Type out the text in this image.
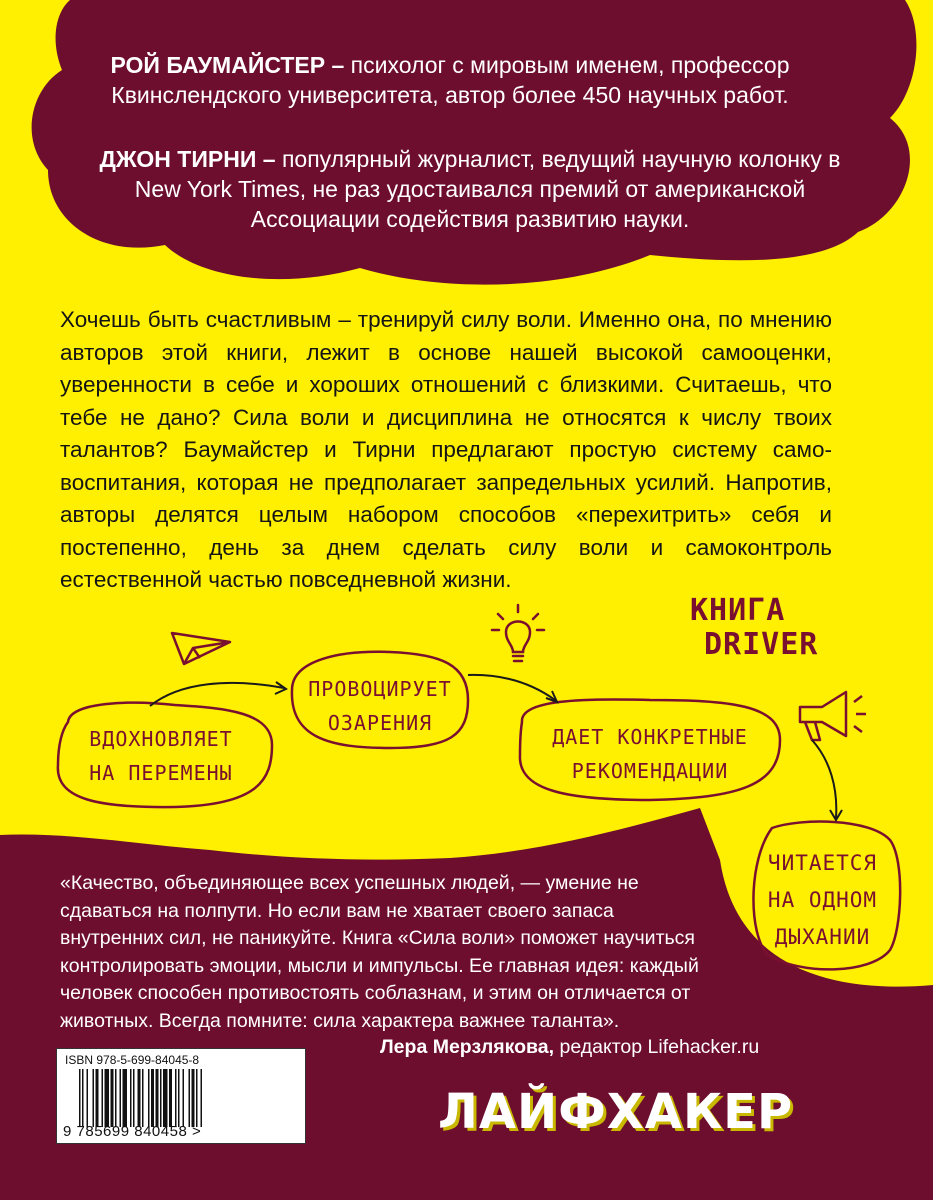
РОЙ БАУМАЙСТЕР – психолог с мировым именем, профессор Квинслендского университета, автор более 450 научных работ.

ДЖОН ТИРНИ – популярный журналист, ведущий научную колонку в New York Times, не раз удостаивался премий от американской Ассоциации содействия развитию науки.

Хочешь быть счастливым – тренируй силу воли. Именно она, по мнению авторов этой книги, лежит в основе нашей высокой самооценки, уверенности в себе и хороших отношений с близкими. Считаешь, что тебе не дано? Сила воли и дисциплина не относятся к числу твоих талантов? Баумайстер и Тирни предлагают простую систему само-воспитания, которая не предполагает запредельных усилий. Напротив, авторы делятся целым набором способов «перехитрить» себя и постепенно, день за днем сделать силу воли и самоконтроль естественной частью повседневной жизни.

КНИГА
DRIVER
ВДОХНОВЛЯЕТ
НА ПЕРЕМЕНЫ
ПРОВОЦИРУЕТ
ОЗАРЕНИЯ
ДАЕТ КОНКРЕТНЫЕ
РЕКОМЕНДАЦИИ
ЧИТАЕТСЯ
НА ОДНОМ
ДЫХАНИИ

«Качество, объединяющее всех успешных людей, — умение не сдаваться на полпути. Но если вам не хватает своего запаса внутренних сил, не паникуйте. Книга «Сила воли» поможет научиться контролировать эмоции, мысли и импульсы. Ее главная идея: каждый человек способен противостоять соблазнам, и этим он отличается от животных. Всегда помните: сила характера важнее таланта».

Лера Мерзлякова, редактор Lifehacker.ru

ISBN 978-5-699-84045-8
9 785699 840458 >	ЛАЙФХАКЕР
